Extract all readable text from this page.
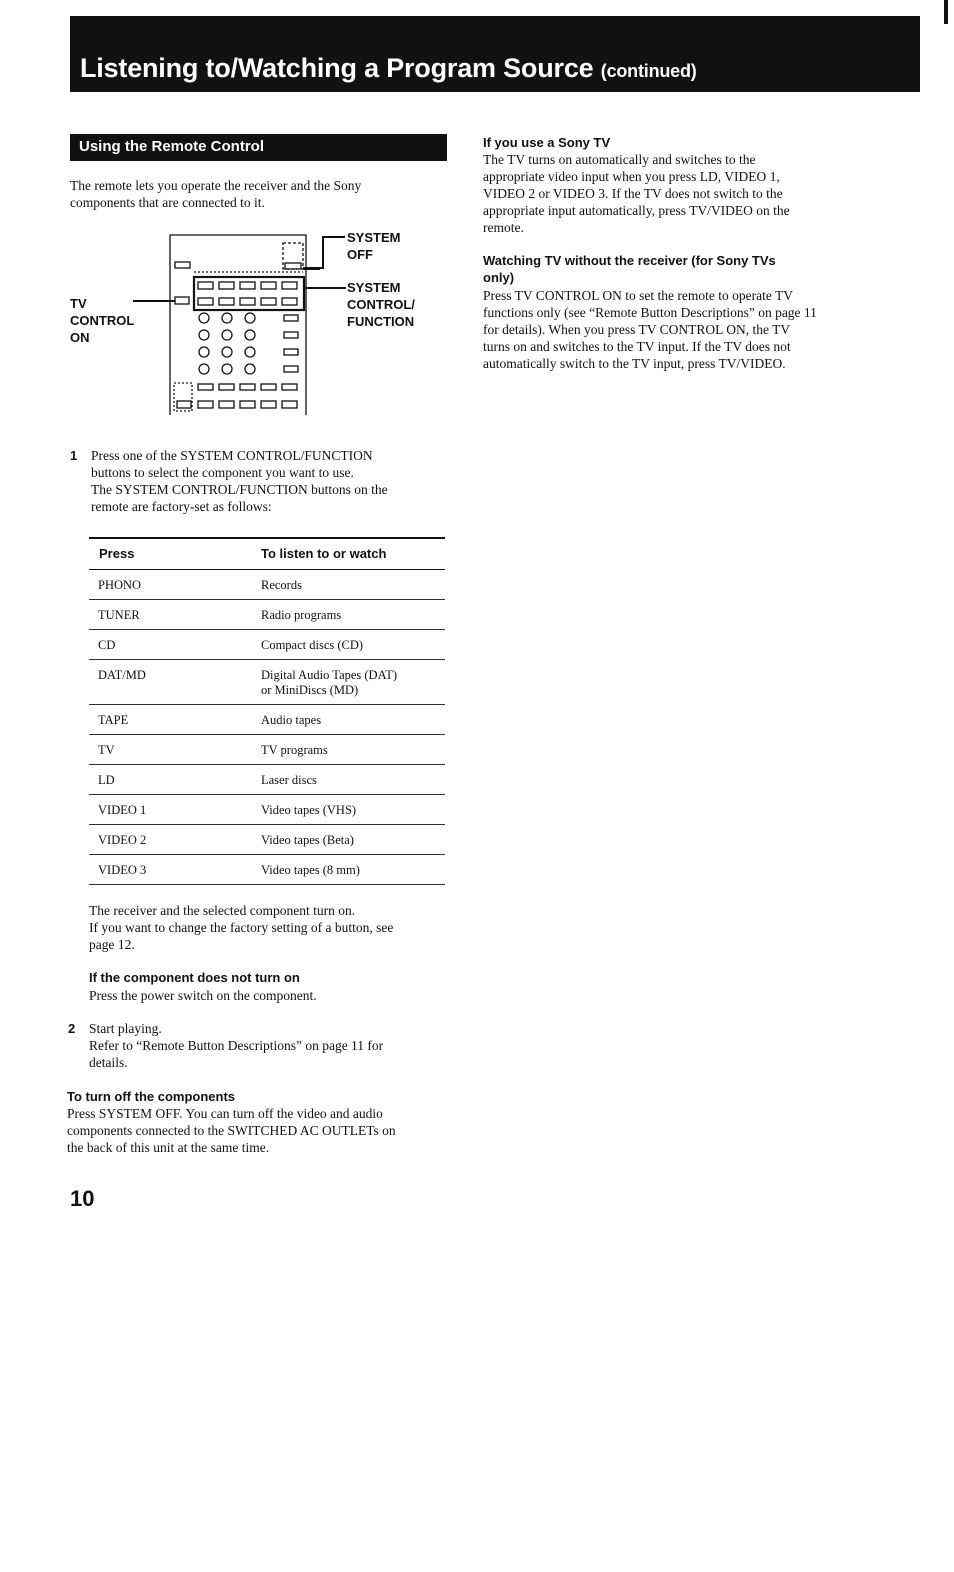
Listening to/Watching a Program Source (continued)
Using the Remote Control
The remote lets you operate the receiver and the Sony
components that are connected to it.
SYSTEM
OFF
SYSTEM
CONTROL/
FUNCTION
TV
CONTROL
ON
1 Press one of the SYSTEM CONTROL/FUNCTION
buttons to select the component you want to use.
The SYSTEM CONTROL/FUNCTION buttons on the
remote are factory-set as follows:
Press	To listen to or watch
PHONO	Records
TUNER	Radio programs
CD	Compact discs (CD)
DAT/MD	Digital Audio Tapes (DAT)
or MiniDiscs (MD)
TAPE	Audio tapes
TV	TV programs
LD	Laser discs
VIDEO 1	Video tapes (VHS)
VIDEO 2	Video tapes (Beta)
VIDEO 3	Video tapes (8 mm)
The receiver and the selected component turn on.
If you want to change the factory setting of a button, see
page 12.
If the component does not turn on
Press the power switch on the component.
2 Start playing.
Refer to “Remote Button Descriptions” on page 11 for
details.
To turn off the components
Press SYSTEM OFF. You can turn off the video and audio
components connected to the SWITCHED AC OUTLETs on
the back of this unit at the same time.
If you use a Sony TV
The TV turns on automatically and switches to the
appropriate video input when you press LD, VIDEO 1,
VIDEO 2 or VIDEO 3. If the TV does not switch to the
appropriate input automatically, press TV/VIDEO on the
remote.
Watching TV without the receiver (for Sony TVs
only)
Press TV CONTROL ON to set the remote to operate TV
functions only (see “Remote Button Descriptions” on page 11
for details). When you press TV CONTROL ON, the TV
turns on and switches to the TV input. If the TV does not
automatically switch to the TV input, press TV/VIDEO.
10
